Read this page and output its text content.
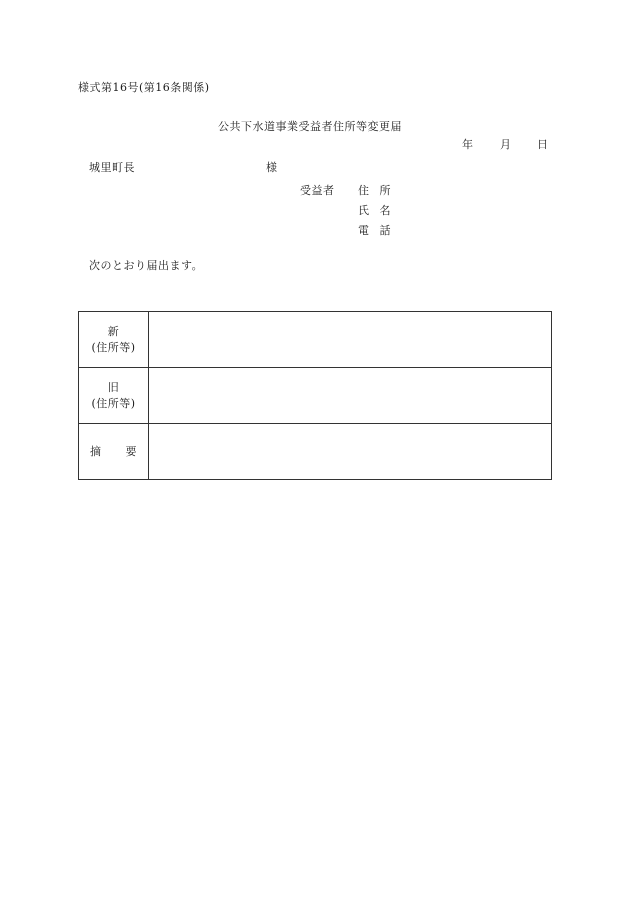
様式第16号(第16条関係)
公共下水道事業受益者住所等変更届
年 月 日
城里町長	様
受益者 住 所
氏 名
電 話
次のとおり届出ます。
新
(住所等)	

旧
(住所等)	

摘 要	
